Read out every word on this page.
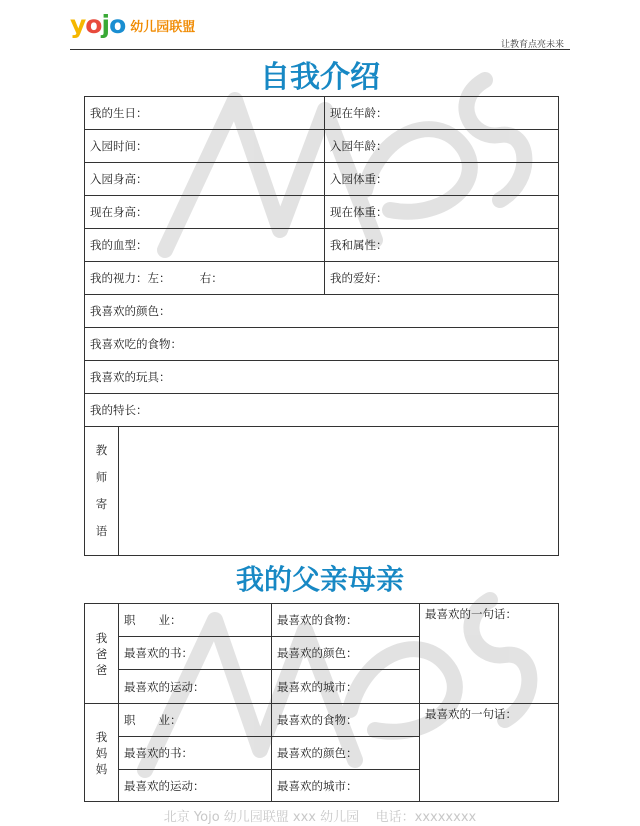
yojo 幼儿园联盟
让教育点亮未来
自我介绍
我的生日：		现在年龄：
入园时间：		入园年龄：
入园身高：		入园体重：
现在身高：		现在体重：
我的血型：		我和属性：
我的视力：左：        右：		我的爱好：
我喜欢的颜色：		
我喜欢吃的食物：		
我喜欢的玩具：		
我的特长：		

教
师
寄
语		

我的父亲母亲
我
爸
爸	职　　业：	最喜欢的食物：	最喜欢的一句话：
	最喜欢的书：	最喜欢的颜色：	
	最喜欢的运动：	最喜欢的城市：	

我
妈
妈	职　　业：	最喜欢的食物：	最喜欢的一句话：
	最喜欢的书：	最喜欢的颜色：	
	最喜欢的运动：	最喜欢的城市：	
北京 Yojo 幼儿园联盟 xxx 幼儿园    电话：xxxxxxxx
